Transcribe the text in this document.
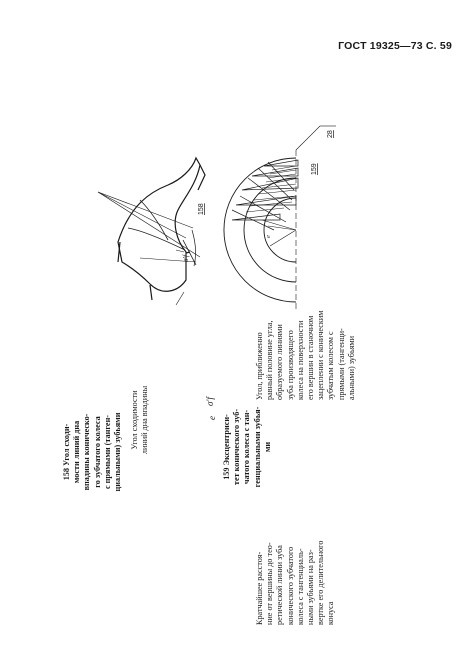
ГОСТ 19325—73 С. 59
158 Угол сходи-
мости линий дна
впадины коническо-
го зубчатого колеса
с прямыми (танген-
циальными) зубьями Угол сходимости
линий дна впадины	σ'f
Угол, приближенно
равный половине угла,
образуемого линиями
зуба производящего
колеса на поверхности
его вершин в станочном
зацеплении с коническим
зубчатым колесом с
прямыми (тангенци-
альными) зубьями
159 Эксцентриси-
тет конического зуб-
чатого колеса с тан-
генциальными зубья-
ми
σ'f
158
e
159
28
Кратчайшее расстоя-
ние от вершины до тео-
ретической линии зуба
конического зубчатого
колеса с тангенциаль-
ными зубьями на раз-
вертке его делительного
конуса
e
